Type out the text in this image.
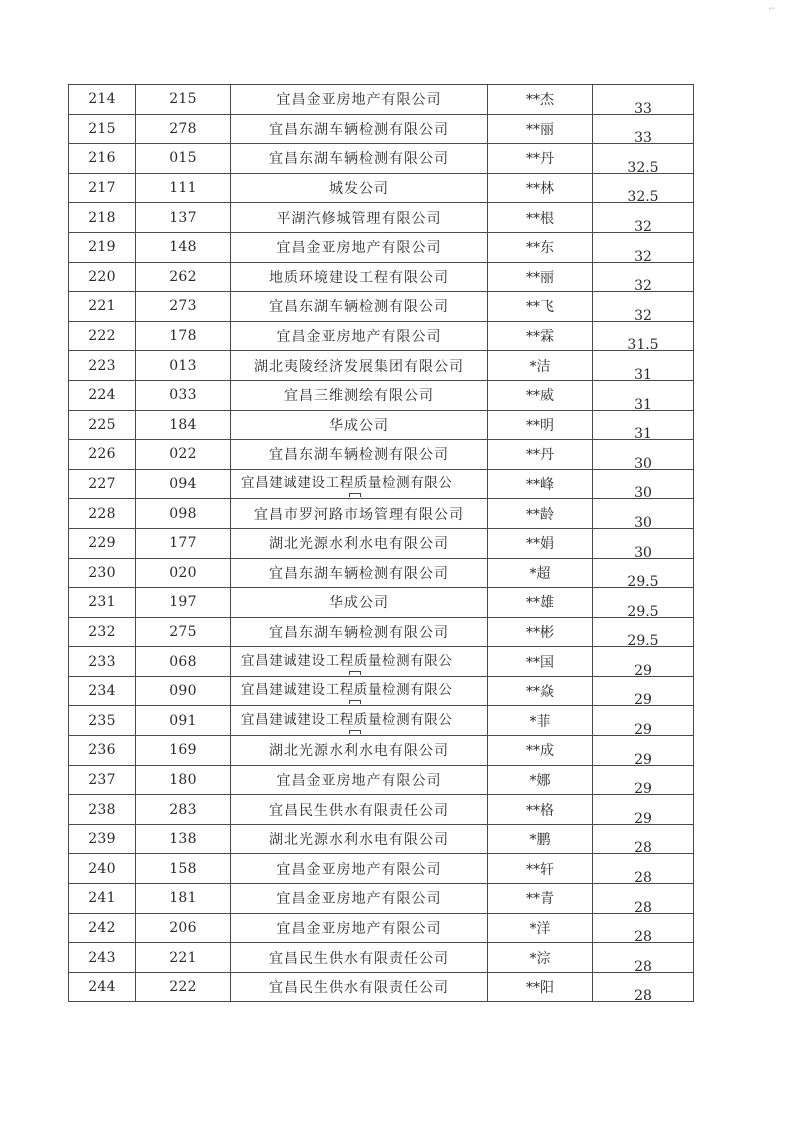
⌐
214	215	宜昌金亚房地产有限公司	**杰	33
215	278	宜昌东湖车辆检测有限公司	**丽	33
216	015	宜昌东湖车辆检测有限公司	**丹	32.5
217	111	城发公司	**林	32.5
218	137	平湖汽修城管理有限公司	**根	32
219	148	宜昌金亚房地产有限公司	**东	32
220	262	地质环境建设工程有限公司	**丽	32
221	273	宜昌东湖车辆检测有限公司	**飞	32
222	178	宜昌金亚房地产有限公司	**霖	31.5
223	013	湖北夷陵经济发展集团有限公司	*洁	31
224	033	宜昌三维测绘有限公司	**威	31
225	184	华成公司	**明	31
226	022	宜昌东湖车辆检测有限公司	**丹	30
227	094	宜昌建诚建设工程质量检测有限公	**峰	30
228	098	宜昌市罗河路市场管理有限公司	**龄	30
229	177	湖北光源水利水电有限公司	**娟	30
230	020	宜昌东湖车辆检测有限公司	*超	29.5
231	197	华成公司	**雄	29.5
232	275	宜昌东湖车辆检测有限公司	**彬	29.5
233	068	宜昌建诚建设工程质量检测有限公	**国	29
234	090	宜昌建诚建设工程质量检测有限公	**焱	29
235	091	宜昌建诚建设工程质量检测有限公	*菲	29
236	169	湖北光源水利水电有限公司	**成	29
237	180	宜昌金亚房地产有限公司	*娜	29
238	283	宜昌民生供水有限责任公司	**格	29
239	138	湖北光源水利水电有限公司	*鹏	28
240	158	宜昌金亚房地产有限公司	**轩	28
241	181	宜昌金亚房地产有限公司	**青	28
242	206	宜昌金亚房地产有限公司	*洋	28
243	221	宜昌民生供水有限责任公司	*淙	28
244	222	宜昌民生供水有限责任公司	**阳	28
